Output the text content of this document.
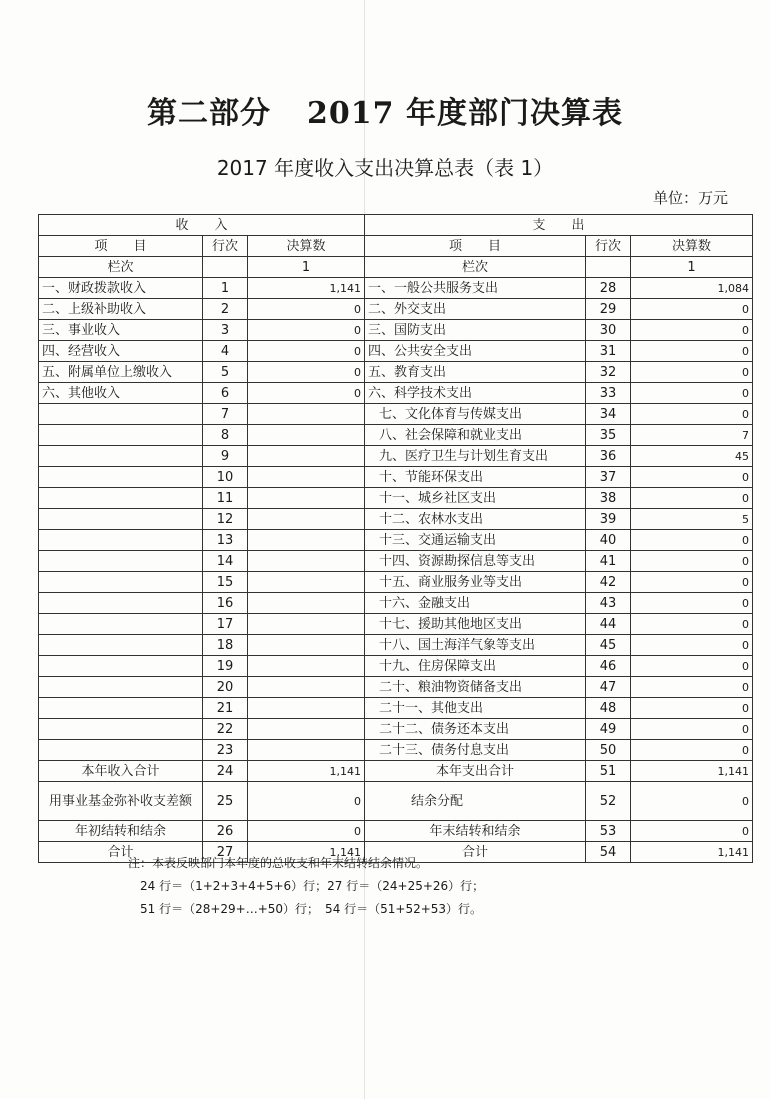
第二部分 2017 年度部门决算表
2017 年度收入支出决算总表（表 1）
单位：万元
收　　入			支　　出		
项　　目	行次	决算数	项　　目	行次	决算数
栏次		1	栏次		1
一、财政拨款收入	1	1,141	一、一般公共服务支出	28	1,084
二、上级补助收入	2	0	二、外交支出	29	0
三、事业收入	3	0	三、国防支出	30	0
四、经营收入	4	0	四、公共安全支出	31	0
五、附属单位上缴收入	5	0	五、教育支出	32	0
六、其他收入	6	0	六、科学技术支出	33	0
	7		七、文化体育与传媒支出	34	0
	8		八、社会保障和就业支出	35	7
	9		九、医疗卫生与计划生育支出	36	45
	10		十、节能环保支出	37	0
	11		十一、城乡社区支出	38	0
	12		十二、农林水支出	39	5
	13		十三、交通运输支出	40	0
	14		十四、资源勘探信息等支出	41	0
	15		十五、商业服务业等支出	42	0
	16		十六、金融支出	43	0
	17		十七、援助其他地区支出	44	0
	18		十八、国土海洋气象等支出	45	0
	19		十九、住房保障支出	46	0
	20		二十、粮油物资储备支出	47	0
	21		二十一、其他支出	48	0
	22		二十二、债务还本支出	49	0
	23		二十三、债务付息支出	50	0
本年收入合计	24	1,141	本年支出合计	51	1,141
用事业基金弥补收支差额	25	0	结余分配	52	0
年初结转和结余	26	0	年末结转和结余	53	0
合计	27	1,141	合计	54	1,141
注：本表反映部门本年度的总收支和年末结转结余情况。
24 行＝（1+2+3+4+5+6）行；27 行＝（24+25+26）行；
51 行＝（28+29+…+50）行；　54 行＝（51+52+53）行。
